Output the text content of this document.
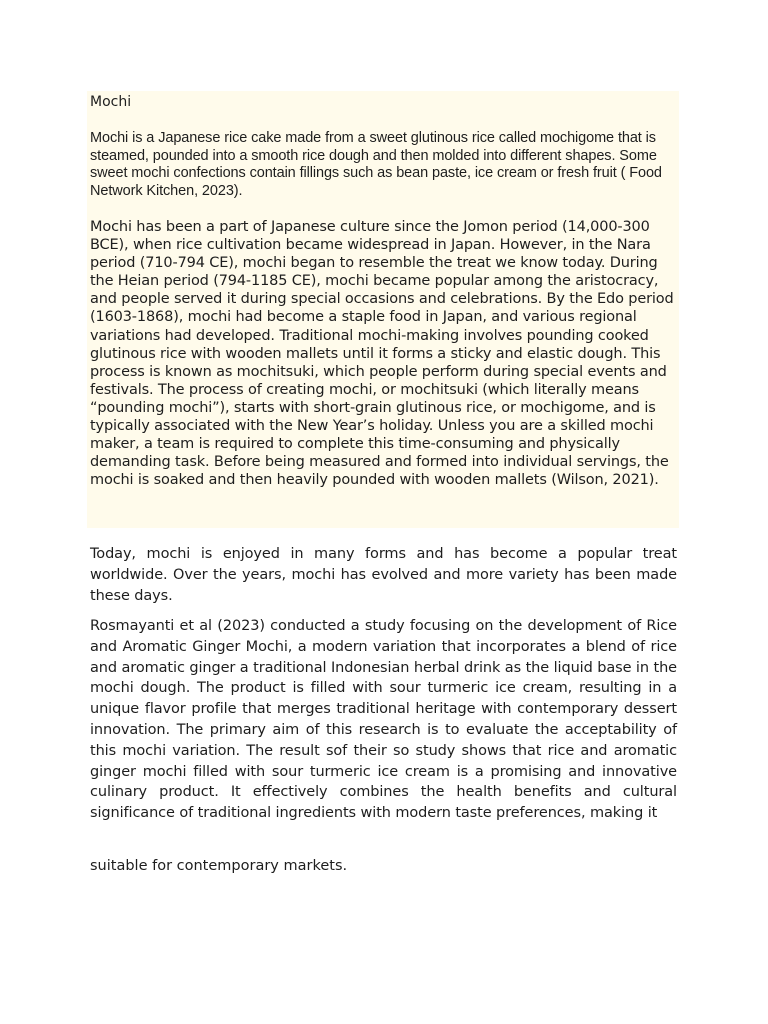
Mochi

Mochi is a Japanese rice cake made from a sweet glutinous rice called mochigome that is steamed, pounded into a smooth rice dough and then molded into different shapes. Some sweet mochi confections contain fillings such as bean paste, ice cream or fresh fruit ( Food Network Kitchen, 2023).

Mochi has been a part of Japanese culture since the Jomon period (14,000-300 BCE), when rice cultivation became widespread in Japan. However, in the Nara period (710-794 CE), mochi began to resemble the treat we know today. During the Heian period (794-1185 CE), mochi became popular among the aristocracy, and people served it during special occasions and celebrations. By the Edo period (1603-1868), mochi had become a staple food in Japan, and various regional variations had developed. Traditional mochi-making involves pounding cooked glutinous rice with wooden mallets until it forms a sticky and elastic dough. This process is known as mochitsuki, which people perform during special events and festivals. The process of creating mochi, or mochitsuki (which literally means “pounding mochi”), starts with short-grain glutinous rice, or mochigome, and is typically associated with the New Year’s holiday. Unless you are a skilled mochi maker, a team is required to complete this time-consuming and physically demanding task. Before being measured and formed into individual servings, the mochi is soaked and then heavily pounded with wooden mallets (Wilson, 2021).

Today, mochi is enjoyed in many forms and has become a popular treat worldwide. Over the years, mochi has evolved and more variety has been made these days.

Rosmayanti et al (2023) conducted a study focusing on the development of Rice and Aromatic Ginger Mochi, a modern variation that incorporates a blend of rice and aromatic ginger a traditional Indonesian herbal drink as the liquid base in the mochi dough. The product is filled with sour turmeric ice cream, resulting in a unique flavor profile that merges traditional heritage with contemporary dessert innovation. The primary aim of this research is to evaluate the acceptability of this mochi variation. The result sof their so study shows that rice and aromatic ginger mochi filled with sour turmeric ice cream is a promising and innovative culinary product. It effectively combines the health benefits and cultural significance of traditional ingredients with modern taste preferences, making it

suitable for contemporary markets.
